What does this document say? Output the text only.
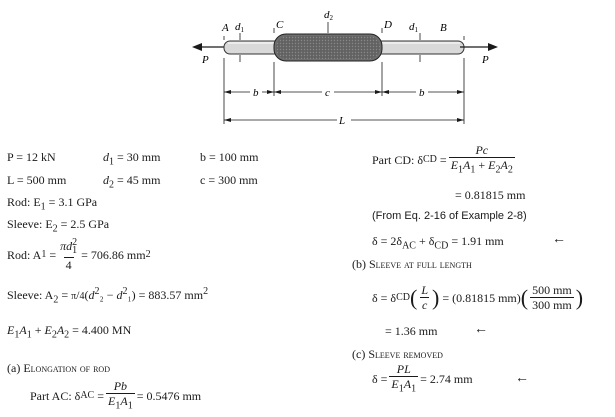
A d1	C
d2
D d1 B
P	P
b	c	b
L
P = 12 kN	$d_1 = 30$ mm	b = 100 mm
L = 500 mm	$d_2 = 45$ mm	c = 300 mm
Rod: $E_1 = 3.1$ GPa
Sleeve: $E_2 = 2.5$ GPa
Rod: A $1 = \frac{\pi d^2_1}{4} = 706.86$ mm 2
Sleeve: $A_2 = \pi/4(d^2_2 - d^2_1) = 883.57$ $mm^2$
$E_1A_1 + E_2A_2 = 4.400$ MN
(a) Elongation of rod
Part AC: δ AC = $\frac{Pb}{E_1A_1} = 0.5476$ mm
Part CD: δ CD = $\frac{Pc}{E_1A_1 + E_2A_2}$
= 0.81815 mm
(From Eq. 2-16 of Example 2-8)
$\delta = 2\delta_{AC} + \delta_{CD} = 1.91$ mm	←
(b) Sleeve at full length
δ = δ CD ( $\frac{L}{c}$ )
= (0.81815 mm) ( $\frac{500 mm}{300 mm}$ )
= 1.36 mm	←
(c) Sleeve removed
$\delta = \frac{PL}{E_1A_1} = 2.74$ mm	←
